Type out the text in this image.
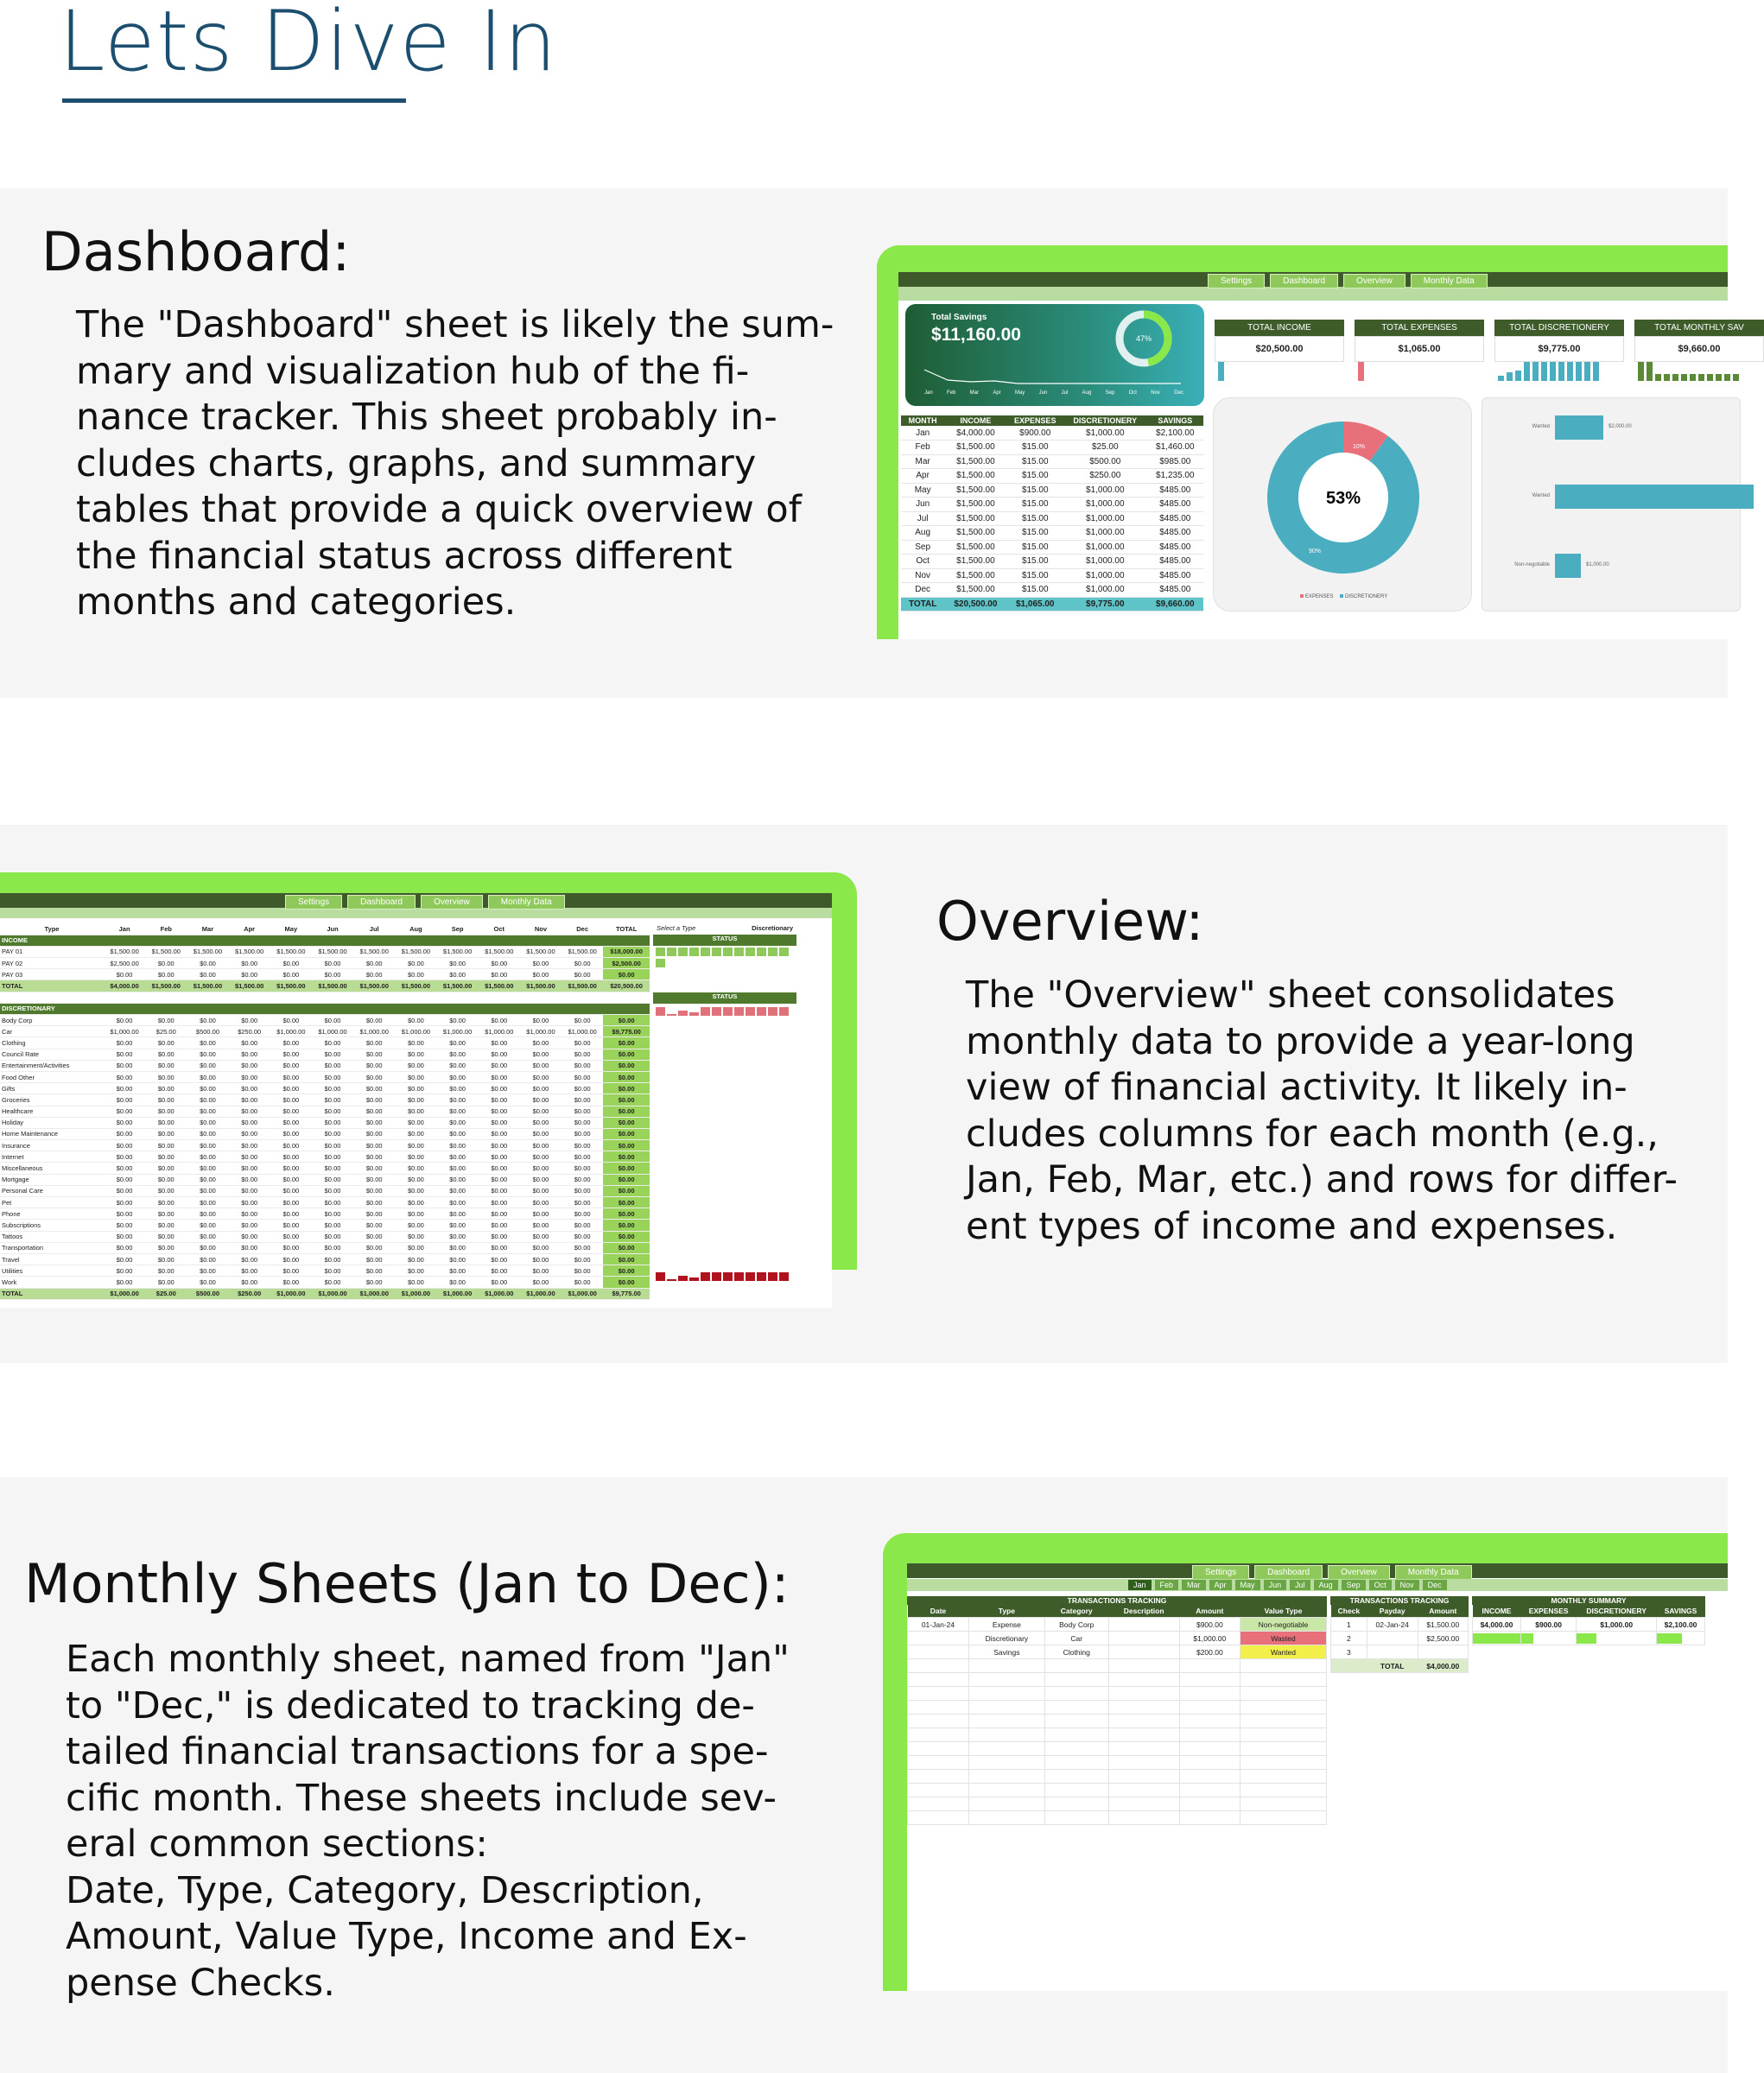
Lets Dive In
Dashboard:
The "Dashboard" sheet is likely the sum-
mary and visualization hub of the fi-
nance tracker. This sheet probably in-
cludes charts, graphs, and summary
tables that provide a quick overview of
the financial status across different
months and categories.
Settings	Dashboard	Overview	Monthly Data
Total Savings
$11,160.00	47%
Jan	Feb	Mar	Apr	May	Jun	Jul	Aug	Sep	Oct	Nov	Dec
TOTAL INCOME
$20,500.00
TOTAL EXPENSES
$1,065.00
TOTAL DISCRETIONERY
$9,775.00
TOTAL MONTHLY SAV
$9,660.00
MONTH	INCOME	EXPENSES	DISCRETIONERY	SAVINGS
Jan	$4,000.00	$900.00	$1,000.00	$2,100.00
Feb	$1,500.00	$15.00	$25.00	$1,460.00
Mar	$1,500.00	$15.00	$500.00	$985.00
Apr	$1,500.00	$15.00	$250.00	$1,235.00
May	$1,500.00	$15.00	$1,000.00	$485.00
Jun	$1,500.00	$15.00	$1,000.00	$485.00
Jul	$1,500.00	$15.00	$1,000.00	$485.00
Aug	$1,500.00	$15.00	$1,000.00	$485.00
Sep	$1,500.00	$15.00	$1,000.00	$485.00
Oct	$1,500.00	$15.00	$1,000.00	$485.00
Nov	$1,500.00	$15.00	$1,000.00	$485.00
Dec	$1,500.00	$15.00	$1,000.00	$485.00
TOTAL	$20,500.00	$1,065.00	$9,775.00	$9,660.00
53%
10%
90%
EXPENSES DISCRETIONERY
Wanted	$2,000.00
Wanted
Non-negotiable	$1,000.00
Settings	Dashboard	Overview	Monthly Data
Type	Jan	Feb	Mar	Apr	May	Jun	Jul	Aug	Sep	Oct	Nov	Dec	TOTAL
INCOME													
PAY 01	$1,500.00	$1,500.00	$1,500.00	$1,500.00	$1,500.00	$1,500.00	$1,500.00	$1,500.00	$1,500.00	$1,500.00	$1,500.00	$1,500.00	$18,000.00
PAY 02	$2,500.00	$0.00	$0.00	$0.00	$0.00	$0.00	$0.00	$0.00	$0.00	$0.00	$0.00	$0.00	$2,500.00
PAY 03	$0.00	$0.00	$0.00	$0.00	$0.00	$0.00	$0.00	$0.00	$0.00	$0.00	$0.00	$0.00	$0.00
TOTAL	$4,000.00	$1,500.00	$1,500.00	$1,500.00	$1,500.00	$1,500.00	$1,500.00	$1,500.00	$1,500.00	$1,500.00	$1,500.00	$1,500.00	$20,500.00

DISCRETIONARY													
Body Corp	$0.00	$0.00	$0.00	$0.00	$0.00	$0.00	$0.00	$0.00	$0.00	$0.00	$0.00	$0.00	$0.00
Car	$1,000.00	$25.00	$500.00	$250.00	$1,000.00	$1,000.00	$1,000.00	$1,000.00	$1,000.00	$1,000.00	$1,000.00	$1,000.00	$9,775.00
Clothing	$0.00	$0.00	$0.00	$0.00	$0.00	$0.00	$0.00	$0.00	$0.00	$0.00	$0.00	$0.00	$0.00
Council Rate	$0.00	$0.00	$0.00	$0.00	$0.00	$0.00	$0.00	$0.00	$0.00	$0.00	$0.00	$0.00	$0.00
Entertainment/Activities	$0.00	$0.00	$0.00	$0.00	$0.00	$0.00	$0.00	$0.00	$0.00	$0.00	$0.00	$0.00	$0.00
Food Other	$0.00	$0.00	$0.00	$0.00	$0.00	$0.00	$0.00	$0.00	$0.00	$0.00	$0.00	$0.00	$0.00
Gifts	$0.00	$0.00	$0.00	$0.00	$0.00	$0.00	$0.00	$0.00	$0.00	$0.00	$0.00	$0.00	$0.00
Groceries	$0.00	$0.00	$0.00	$0.00	$0.00	$0.00	$0.00	$0.00	$0.00	$0.00	$0.00	$0.00	$0.00
Healthcare	$0.00	$0.00	$0.00	$0.00	$0.00	$0.00	$0.00	$0.00	$0.00	$0.00	$0.00	$0.00	$0.00
Holiday	$0.00	$0.00	$0.00	$0.00	$0.00	$0.00	$0.00	$0.00	$0.00	$0.00	$0.00	$0.00	$0.00
Home Maintenance	$0.00	$0.00	$0.00	$0.00	$0.00	$0.00	$0.00	$0.00	$0.00	$0.00	$0.00	$0.00	$0.00
Insurance	$0.00	$0.00	$0.00	$0.00	$0.00	$0.00	$0.00	$0.00	$0.00	$0.00	$0.00	$0.00	$0.00
Internet	$0.00	$0.00	$0.00	$0.00	$0.00	$0.00	$0.00	$0.00	$0.00	$0.00	$0.00	$0.00	$0.00
Miscellaneous	$0.00	$0.00	$0.00	$0.00	$0.00	$0.00	$0.00	$0.00	$0.00	$0.00	$0.00	$0.00	$0.00
Mortgage	$0.00	$0.00	$0.00	$0.00	$0.00	$0.00	$0.00	$0.00	$0.00	$0.00	$0.00	$0.00	$0.00
Personal Care	$0.00	$0.00	$0.00	$0.00	$0.00	$0.00	$0.00	$0.00	$0.00	$0.00	$0.00	$0.00	$0.00
Pet	$0.00	$0.00	$0.00	$0.00	$0.00	$0.00	$0.00	$0.00	$0.00	$0.00	$0.00	$0.00	$0.00
Phone	$0.00	$0.00	$0.00	$0.00	$0.00	$0.00	$0.00	$0.00	$0.00	$0.00	$0.00	$0.00	$0.00
Subscriptions	$0.00	$0.00	$0.00	$0.00	$0.00	$0.00	$0.00	$0.00	$0.00	$0.00	$0.00	$0.00	$0.00
Tattoos	$0.00	$0.00	$0.00	$0.00	$0.00	$0.00	$0.00	$0.00	$0.00	$0.00	$0.00	$0.00	$0.00
Transportation	$0.00	$0.00	$0.00	$0.00	$0.00	$0.00	$0.00	$0.00	$0.00	$0.00	$0.00	$0.00	$0.00
Travel	$0.00	$0.00	$0.00	$0.00	$0.00	$0.00	$0.00	$0.00	$0.00	$0.00	$0.00	$0.00	$0.00
Utilities	$0.00	$0.00	$0.00	$0.00	$0.00	$0.00	$0.00	$0.00	$0.00	$0.00	$0.00	$0.00	$0.00
Work	$0.00	$0.00	$0.00	$0.00	$0.00	$0.00	$0.00	$0.00	$0.00	$0.00	$0.00	$0.00	$0.00
TOTAL	$1,000.00	$25.00	$500.00	$250.00	$1,000.00	$1,000.00	$1,000.00	$1,000.00	$1,000.00	$1,000.00	$1,000.00	$1,000.00	$9,775.00
Select a Type	Discretionary
STATUS
STATUS
Overview:
The "Overview" sheet consolidates
monthly data to provide a year-long
view of financial activity. It likely in-
cludes columns for each month (e.g.,
Jan, Feb, Mar, etc.) and rows for differ-
ent types of income and expenses.
Monthly Sheets (Jan to Dec):
Each monthly sheet, named from "Jan"
to "Dec," is dedicated to tracking de-
tailed financial transactions for a spe-
cific month. These sheets include sev-
eral common sections:
Date, Type, Category, Description,
Amount, Value Type, Income and Ex-
pense Checks.
Settings	Dashboard	Overview	Monthly Data
Jan	Feb	Mar	Apr	May	Jun	Jul	Aug	Sep	Oct	Nov	Dec
TRANSACTIONS TRACKING
Date	Type	Category	Description	Amount	Value Type
01-Jan-24	Expense	Body Corp		$900.00	Non-negotiable
	Discretionary	Car		$1,000.00	Wasted
	Savings	Clothing		$200.00	Wanted

TRANSACTIONS TRACKING
Check	Payday	Amount
1	02-Jan-24	$1,500.00
2		$2,500.00
3		
	TOTAL	$4,000.00
MONTHLY SUMMARY
INCOME	EXPENSES	DISCRETIONERY	SAVINGS
$4,000.00	$900.00	$1,000.00	$2,100.00
